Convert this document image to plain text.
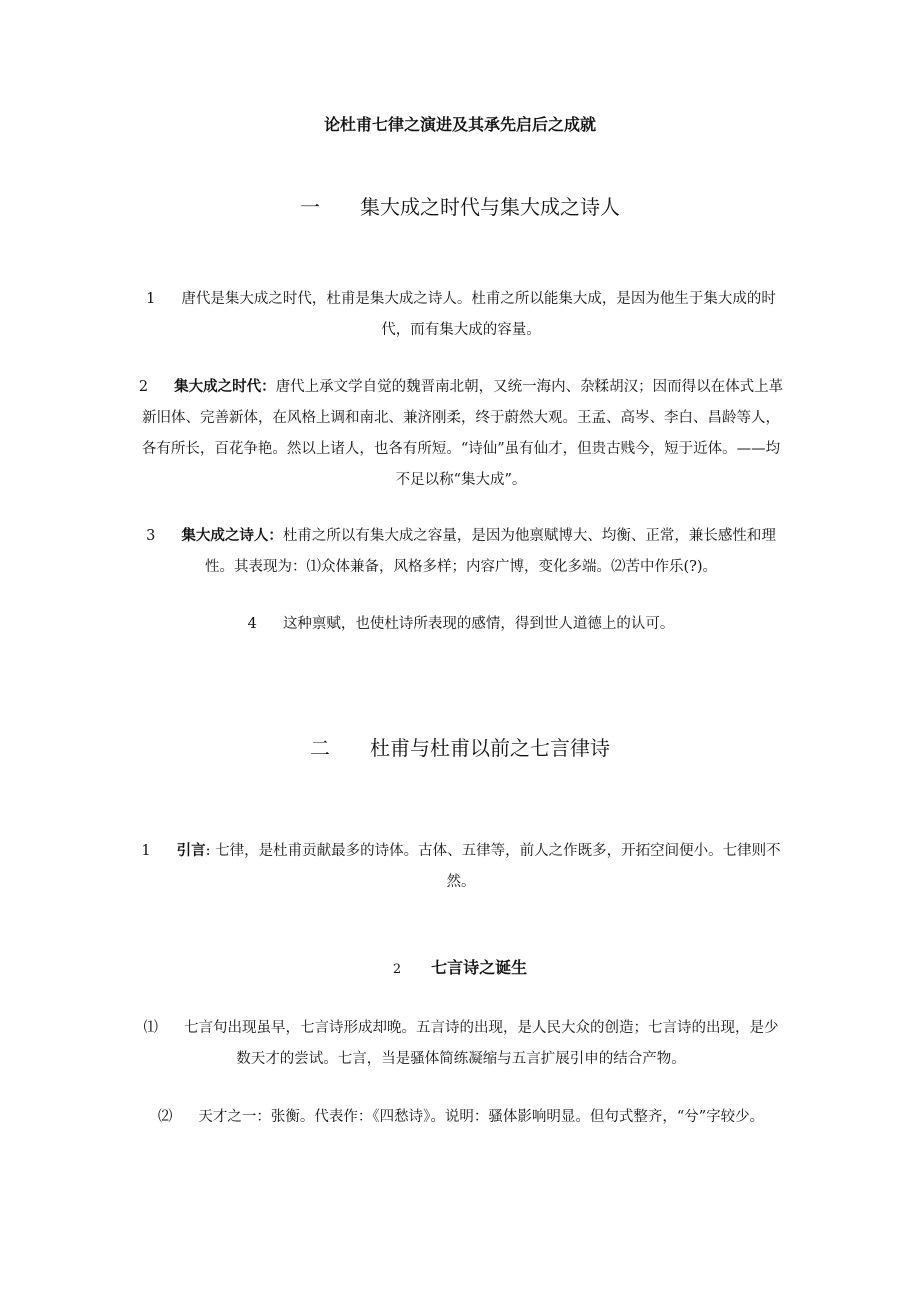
论杜甫七律之演进及其承先启后之成就
一 集大成之时代与集大成之诗人
1 唐代是集大成之时代，杜甫是集大成之诗人。杜甫之所以能集大成，是因为他生于集大成的时代，而有集大成的容量。
2 集大成之时代：唐代上承文学自觉的魏晋南北朝，又统一海内、杂糅胡汉；因而得以在体式上革新旧体、完善新体，在风格上调和南北、兼济刚柔，终于蔚然大观。王孟、高岑、李白、昌龄等人，各有所长，百花争艳。然以上诸人，也各有所短。“诗仙”虽有仙才，但贵古贱今，短于近体。——均不足以称“集大成”。
3 集大成之诗人：杜甫之所以有集大成之容量，是因为他禀赋博大、均衡、正常，兼长感性和理性。其表现为：⑴众体兼备，风格多样；内容广博，变化多端。⑵苦中作乐(?)。
4 这种禀赋，也使杜诗所表现的感情，得到世人道德上的认可。
二 杜甫与杜甫以前之七言律诗
1 引言: 七律，是杜甫贡献最多的诗体。古体、五律等，前人之作既多，开拓空间便小。七律则不然。
2 七言诗之诞生
⑴ 七言句出现虽早，七言诗形成却晚。五言诗的出现，是人民大众的创造；七言诗的出现，是少数天才的尝试。七言，当是骚体简练凝缩与五言扩展引申的结合产物。
⑵ 天才之一：张衡。代表作：《四愁诗》。说明：骚体影响明显。但句式整齐，“兮”字较少。
